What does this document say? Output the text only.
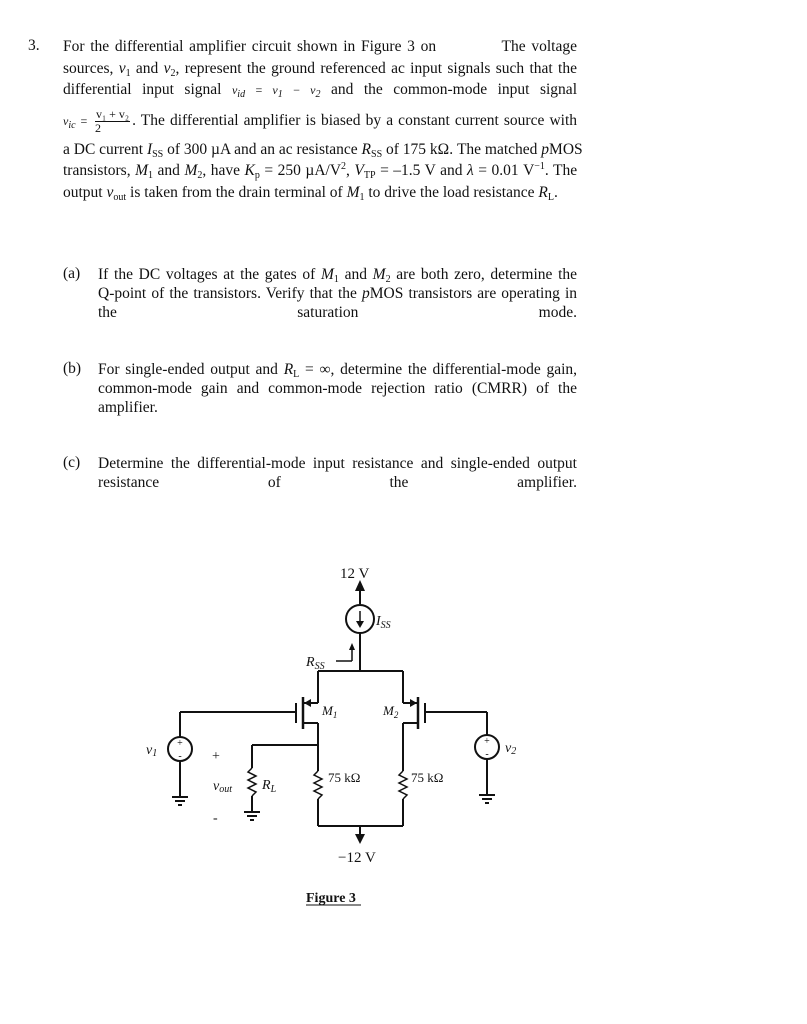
3. For the differential amplifier circuit shown in Figure 3 on	The voltage
sources, $v_1$ and $v_2$, represent the ground referenced ac input signals such that the
differential input signal $v_{id} = v_1 - v_2$ and the common-mode input signal
$v_{ic} = \frac{\text{v₁ + v₂}}{2}$ . The differential amplifier is biased by a constant current source with
a DC current $I_{SS}$ of 300 µA and an ac resistance $R_{SS}$ of 175 kΩ. The matched pMOS
transistors, $M_1$ and $M_2$, have $K_p = 250$ $\mu A/V^2$, $V_{TP} = -1.5$ V and λ = 0.01 $V^{-1}$. The
output $v_{out}$ is taken from the drain terminal of $M_1$ to drive the load resistance $R_L$.
(a) If the DC voltages at the gates of $M_1$ and $M_2$ are both zero, determine the
Q-point of the transistors. Verify that the pMOS transistors are operating in
the saturation mode.
(b) For single-ended output and $R_L$ = ∞, determine the differential-mode gain,
common-mode gain and common-mode rejection ratio (CMRR) of the
amplifier.
(c) Determine the differential-mode input resistance and single-ended output
resistance of the amplifier.
+
-
+
-
12 V
$I_{SS}$
$R_{SS}$
$M_1$	$M_2$
v1	v2
+
vout
-
$R_L$
75 kΩ	75 kΩ
−12 V
Figure 3
